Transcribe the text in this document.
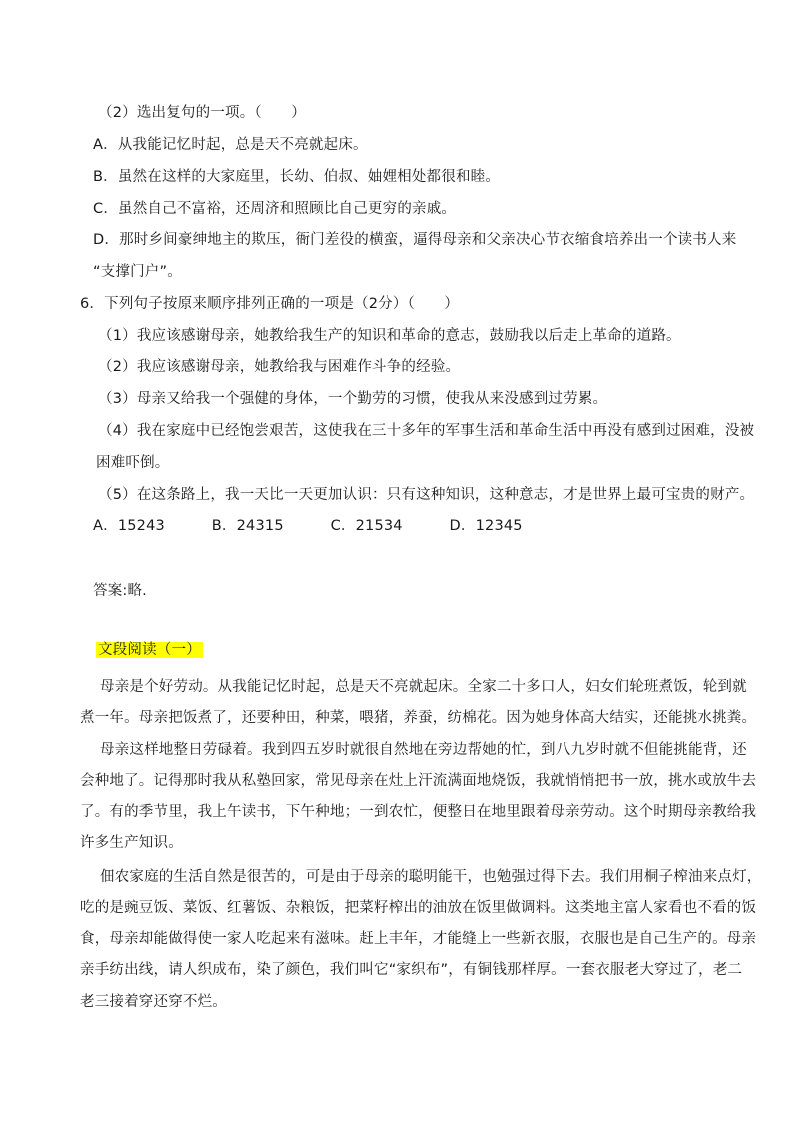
（2）选出复句的一项。（　　）
A．从我能记忆时起，总是天不亮就起床。
B．虽然在这样的大家庭里，长幼、伯叔、妯娌相处都很和睦。
C．虽然自己不富裕，还周济和照顾比自己更穷的亲戚。
D．那时乡间豪绅地主的欺压，衙门差役的横蛮，逼得母亲和父亲决心节衣缩食培养出一个读书人来
“支撑门户”。
6．下列句子按原来顺序排列正确的一项是（2分）（　　）
（1）我应该感谢母亲，她教给我生产的知识和革命的意志，鼓励我以后走上革命的道路。
（2）我应该感谢母亲，她教给我与困难作斗争的经验。
（3）母亲又给我一个强健的身体，一个勤劳的习惯，使我从来没感到过劳累。
（4）我在家庭中已经饱尝艰苦，这使我在三十多年的军事生活和革命生活中再没有感到过困难，没被
困难吓倒。
（5）在这条路上，我一天比一天更加认识：只有这种知识，这种意志，才是世界上最可宝贵的财产。
A．15243	B．24315	C．21534	D．12345
答案:略.
文段阅读（一）
母亲是个好劳动。从我能记忆时起，总是天不亮就起床。全家二十多口人，妇女们轮班煮饭，轮到就
煮一年。母亲把饭煮了，还要种田，种菜，喂猪，养蚕，纺棉花。因为她身体高大结实，还能挑水挑粪。
母亲这样地整日劳碌着。我到四五岁时就很自然地在旁边帮她的忙，到八九岁时就不但能挑能背，还
会种地了。记得那时我从私塾回家，常见母亲在灶上汗流满面地烧饭，我就悄悄把书一放，挑水或放牛去
了。有的季节里，我上午读书，下午种地；一到农忙，便整日在地里跟着母亲劳动。这个时期母亲教给我
许多生产知识。
佃农家庭的生活自然是很苦的，可是由于母亲的聪明能干，也勉强过得下去。我们用桐子榨油来点灯，
吃的是豌豆饭、菜饭、红薯饭、杂粮饭，把菜籽榨出的油放在饭里做调料。这类地主富人家看也不看的饭
食，母亲却能做得使一家人吃起来有滋味。赶上丰年，才能缝上一些新衣服，衣服也是自己生产的。母亲
亲手纺出线，请人织成布，染了颜色，我们叫它“家织布”，有铜钱那样厚。一套衣服老大穿过了，老二
老三接着穿还穿不烂。
